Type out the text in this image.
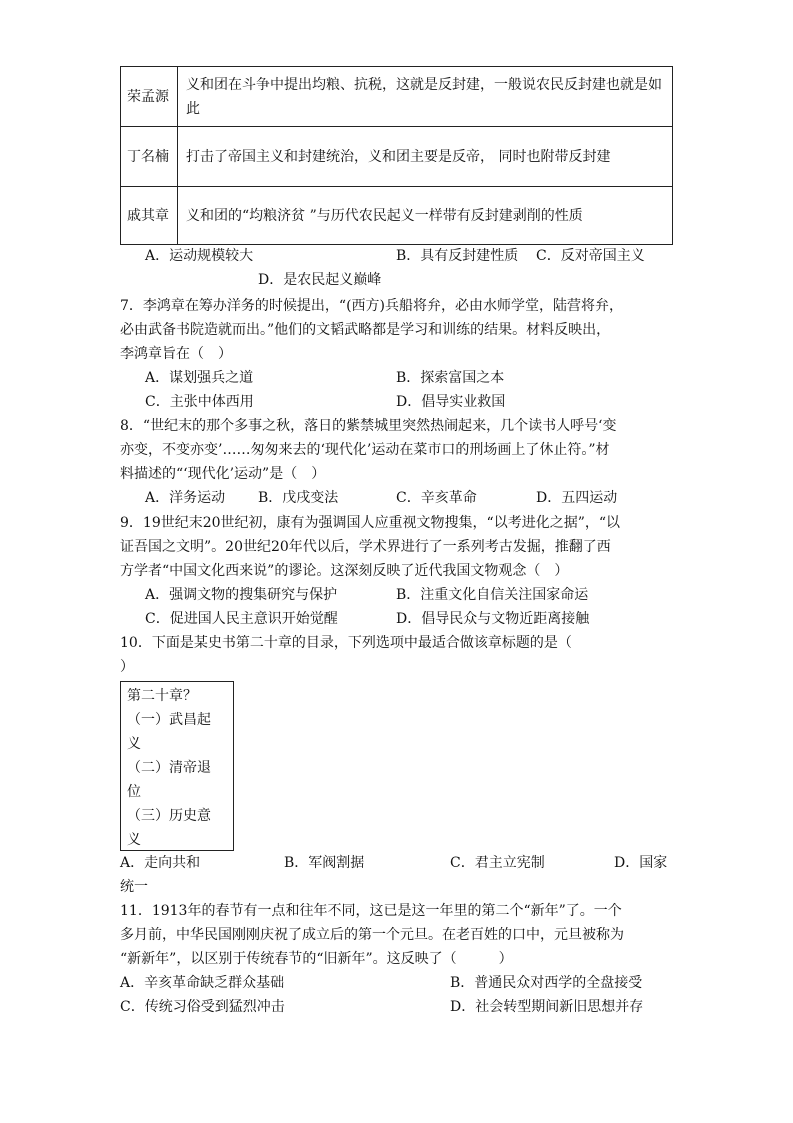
荣孟源	义和团在斗争中提出均粮、抗税，这就是反封建，一般说农民反封建也就是如此
丁名楠	打击了帝国主义和封建统治，义和团主要是反帝， 同时也附带反封建
戚其章	义和团的“均粮济贫 ”与历代农民起义一样带有反封建剥削的性质
A．运动规模较大	B．具有反封建性质 C．反对帝国主义
D．是农民起义巅峰
7．李鸿章在筹办洋务的时候提出，“(西方)兵船将弁，必由水师学堂，陆营将弁，
必由武备书院造就而出。”他们的文韬武略都是学习和训练的结果。材料反映出，
李鸿章旨在（　）
A．谋划强兵之道	B．探索富国之本
C．主张中体西用	D．倡导实业救国
8．“世纪末的那个多事之秋，落日的紫禁城里突然热闹起来，几个读书人呼号‘变
亦变，不变亦变’……匆匆来去的‘现代化’运动在菜市口的刑场画上了休止符。”材
料描述的“‘现代化’运动”是（　）
A．洋务运动 B．戊戌变法	C．辛亥革命	D．五四运动
9．19世纪末20世纪初，康有为强调国人应重视文物搜集，“以考进化之据”，“以
证吾国之文明”。20世纪20年代以后，学术界进行了一系列考古发掘，推翻了西
方学者“中国文化西来说”的谬论。这深刻反映了近代我国文物观念（　）
A．强调文物的搜集研究与保护	B．注重文化自信关注国家命运
C．促进国人民主意识开始觉醒	D．倡导民众与文物近距离接触
10．下面是某史书第二十章的目录，下列选项中最适合做该章标题的是（
）
第二十章？
（一）武昌起
义
（二）清帝退
位
（三）历史意
义
A．走向共和	B．军阀割据	C．君主立宪制	D．国家
统一
11．1913年的春节有一点和往年不同，这已是这一年里的第二个“新年”了。一个
多月前，中华民国刚刚庆祝了成立后的第一个元旦。在老百姓的口中，元旦被称为
“新新年”，以区别于传统春节的“旧新年”。这反映了（　　　）
A．辛亥革命缺乏群众基础	B．普通民众对西学的全盘接受
C．传统习俗受到猛烈冲击	D．社会转型期间新旧思想并存
